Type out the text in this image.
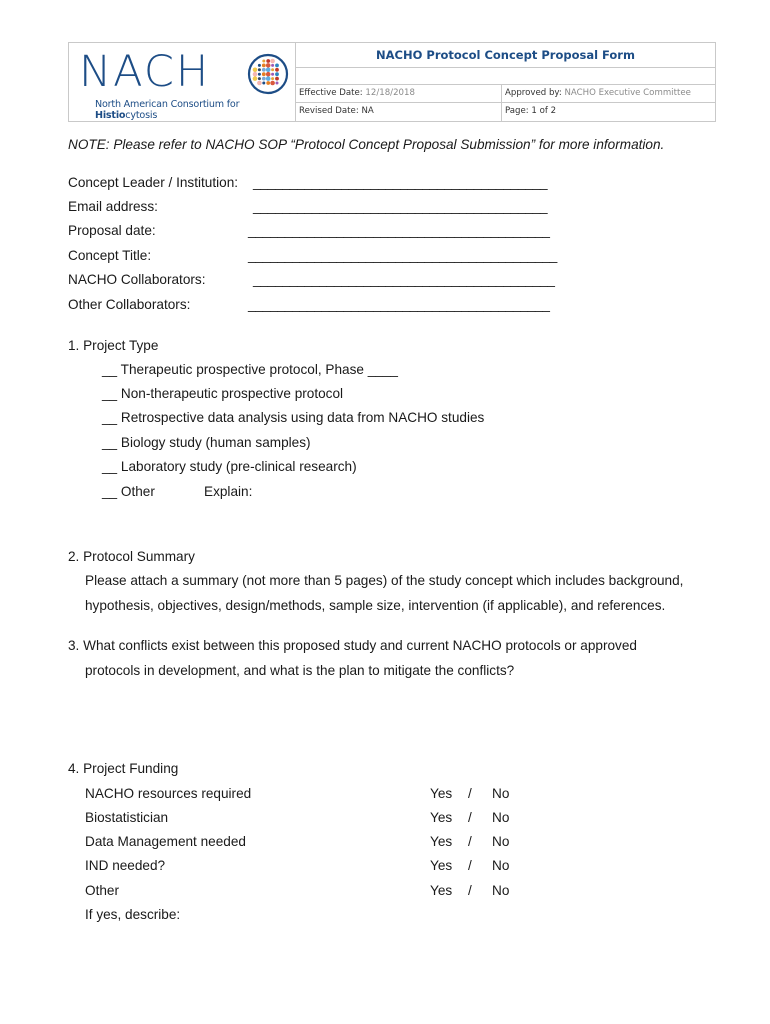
NACH
North American Consortium for Histiocytosis
NACHO Protocol Concept Proposal Form
Effective Date: 12/18/2018	Approved by: NACHO Executive Committee
Revised Date: NA	Page: 1 of 2
NOTE: Please refer to NACHO SOP “Protocol Concept Proposal Submission” for more information.
Concept Leader / Institution: ________________________________________
Email address:	________________________________________
Proposal date:	_________________________________________
Concept Title:	__________________________________________
NACHO Collaborators:	_________________________________________
Other Collaborators:	_________________________________________
1. Project Type
__ Therapeutic prospective protocol, Phase ____
__ Non-therapeutic prospective protocol
__ Retrospective data analysis using data from NACHO studies
__ Biology study (human samples)
__ Laboratory study (pre-clinical research)
__ Other	Explain:
2. Protocol Summary
Please attach a summary (not more than 5 pages) of the study concept which includes background,
hypothesis, objectives, design/methods, sample size, intervention (if applicable), and references.
3. What conflicts exist between this proposed study and current NACHO protocols or approved
protocols in development, and what is the plan to mitigate the conflicts?
4. Project Funding
NACHO resources required	Yes / No
Biostatistician	Yes / No
Data Management needed	Yes / No
IND needed?	Yes / No
Other	Yes / No
If yes, describe:
